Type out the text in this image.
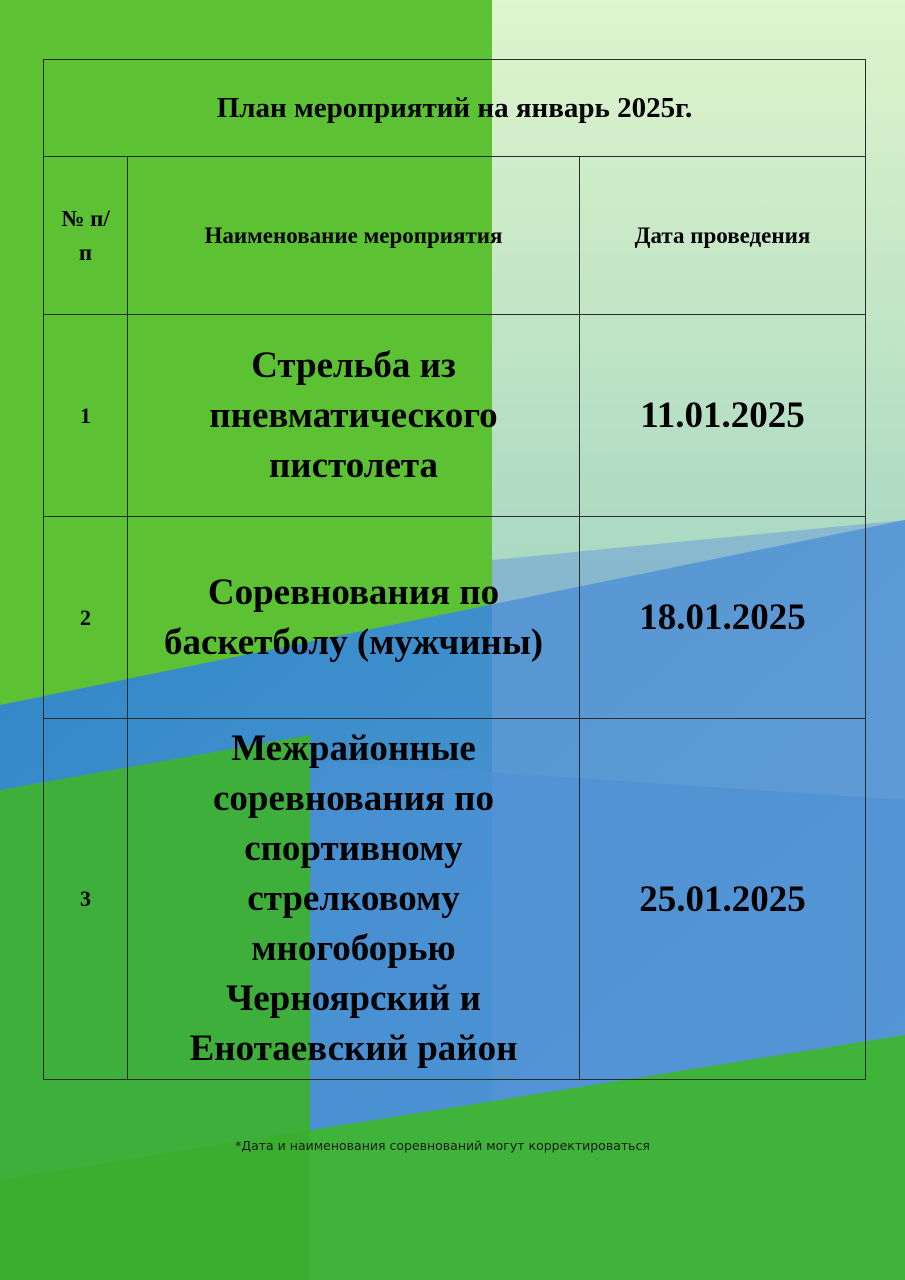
План мероприятий на январь 2025г.		

№ п/п	Наименование мероприятия	Дата проведения
1	Стрельба из пневматического пистолета	11.01.2025
2	Соревнования по баскетболу (мужчины)	18.01.2025
3	Межрайонные соревнования по спортивному стрелковому многоборью Черноярский и Енотаевский район	25.01.2025
*Дата и наименования соревнований могут корректироваться
